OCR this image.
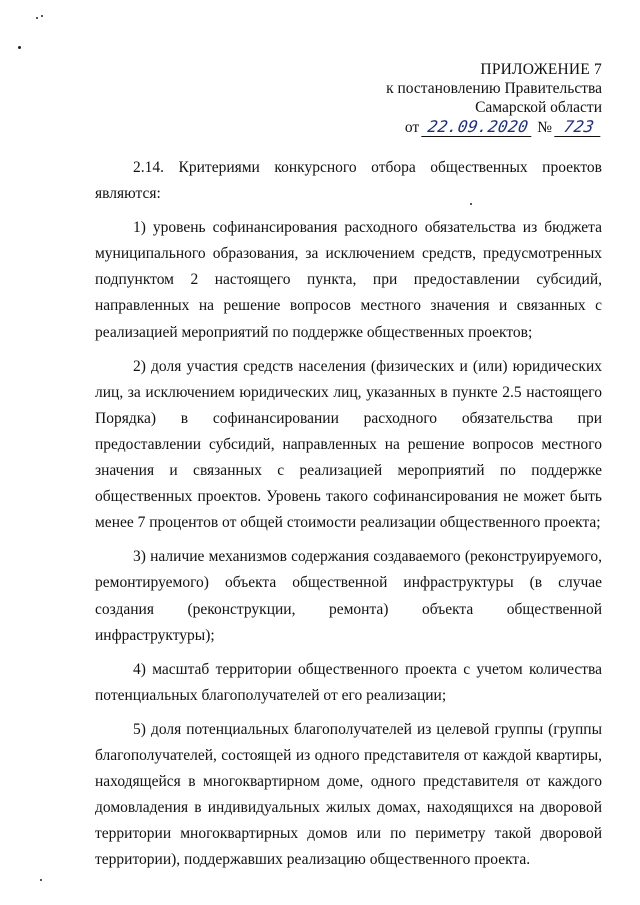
ПРИЛОЖЕНИЕ 7
к постановлению Правительства
Самарской области
от 22.09.2020 № 723

2.14. Критериями конкурсного отбора общественных проектов являются:

1) уровень софинансирования расходного обязательства из бюджета муниципального образования, за исключением средств, предусмотренных подпунктом 2 настоящего пункта, при предоставлении субсидий, направленных на решение вопросов местного значения и связанных с реализацией мероприятий по поддержке общественных проектов;

2) доля участия средств населения (физических и (или) юридических лиц, за исключением юридических лиц, указанных в пункте 2.5 настоящего Порядка) в софинансировании расходного обязательства при предоставлении субсидий, направленных на решение вопросов местного значения и связанных с реализацией мероприятий по поддержке общественных проектов. Уровень такого софинансирования не может быть менее 7 процентов от общей стоимости реализации общественного проекта;

3) наличие механизмов содержания создаваемого (реконструируемого, ремонтируемого) объекта общественной инфраструктуры (в случае создания (реконструкции, ремонта) объекта общественной инфраструктуры);

4) масштаб территории общественного проекта с учетом количества потенциальных благополучателей от его реализации;

5) доля потенциальных благополучателей из целевой группы (группы благополучателей, состоящей из одного представителя от каждой квартиры, находящейся в многоквартирном доме, одного представителя от каждого домовладения в индивидуальных жилых домах, находящихся на дворовой территории многоквартирных домов или по периметру такой дворовой территории), поддержавших реализацию общественного проекта.
